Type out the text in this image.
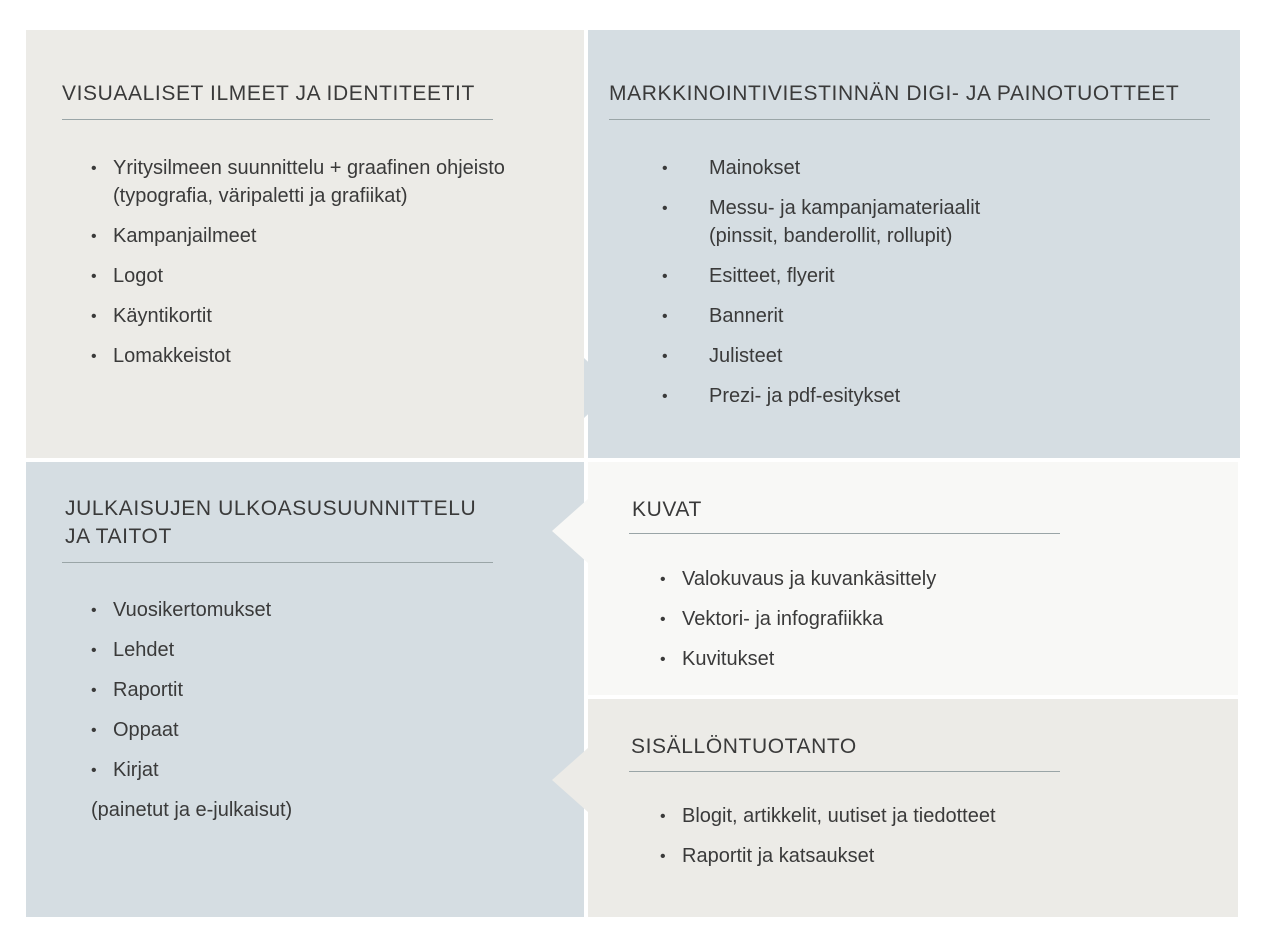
VISUAALISET ILMEET JA IDENTITEETIT
• Yritysilmeen suunnittelu + graafinen ohjeisto
(typografia, väripaletti ja grafiikat)
• Kampanjailmeet
• Logot
• Käyntikortit
• Lomakkeistot
MARKKINOINTIVIESTINNÄN DIGI- JA PAINOTUOTTEET
• Mainokset
• Messu- ja kampanjamateriaalit
(pinssit, banderollit, rollupit)
• Esitteet, flyerit
• Bannerit
• Julisteet
• Prezi- ja pdf-esitykset
JULKAISUJEN ULKOASUSUUNNITTELU
JA TAITOT
• Vuosikertomukset
• Lehdet
• Raportit
• Oppaat
• Kirjat
(painetut ja e-julkaisut)
KUVAT
• Valokuvaus ja kuvankäsittely
• Vektori- ja infografiikka
• Kuvitukset
SISÄLLÖNTUOTANTO
• Blogit, artikkelit, uutiset ja tiedotteet
• Raportit ja katsaukset
